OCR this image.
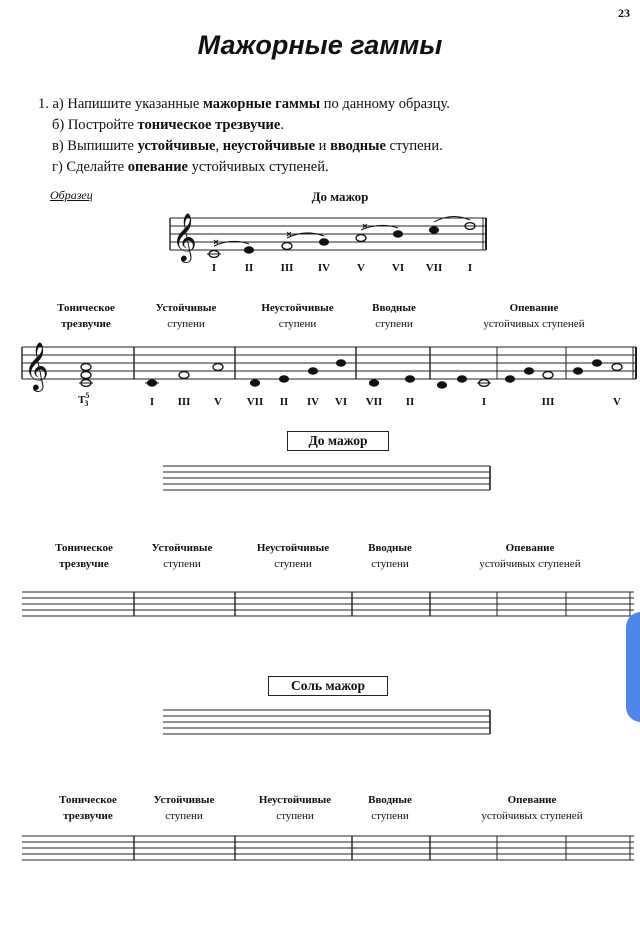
23
Мажорные гаммы
1. а) Напишите указанные мажорные гаммы по данному образцу.
б) Постройте тоническое трезвучие.
в) Выпишите устойчивые, неустойчивые и вводные ступени.
г) Сделайте опевание устойчивых ступеней.
Образец	До мажор
𝄞
𝄞
I	II	III	IV	V	VI	VII	I
Тоническое
трезвучие
Устойчивые
ступени
Неустойчивые
ступени
Вводные
ступени
Опевание
устойчивых ступеней
$T^5_3$	I	III	V	VII	II	IV	VI	VII	II	I	III	V
До мажор
Тоническое
трезвучие
Устойчивые
ступени
Неустойчивые
ступени
Вводные
ступени
Опевание
устойчивых ступеней
Соль мажор
Тоническое
трезвучие
Устойчивые
ступени
Неустойчивые
ступени
Вводные
ступени
Опевание
устойчивых ступеней
